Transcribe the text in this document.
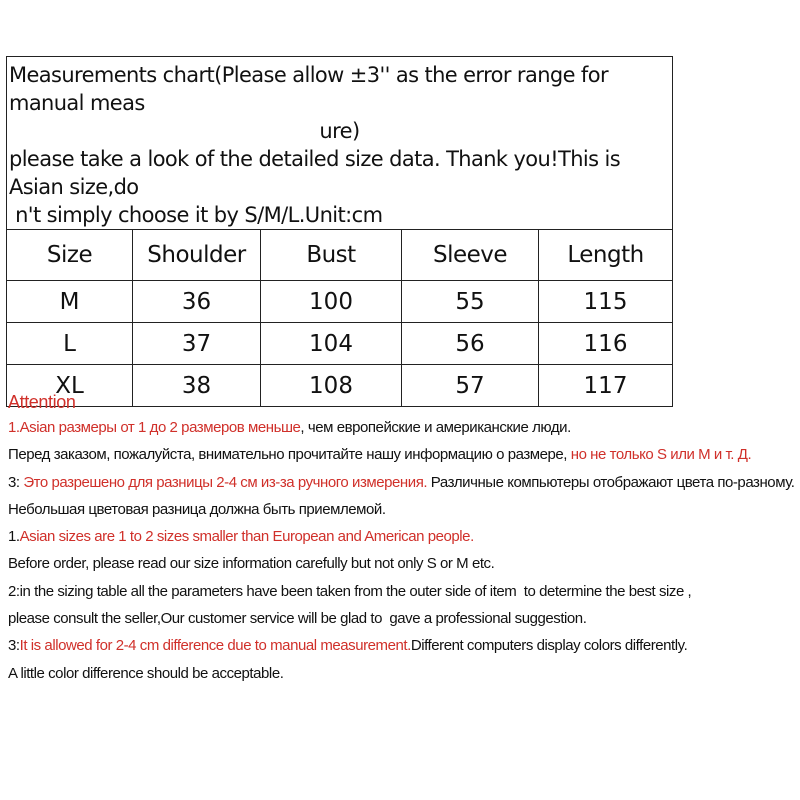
Measurements chart(Please allow ±3'' as the error range for manual meas
ure)
please take a look of the detailed size data. Thank you!This is Asian size,do
n't simply choose it by S/M/L.Unit:cm				

Size	Shoulder	Bust	Sleeve	Length
M	36	100	55	115
L	37	104	56	116
XL	38	108	57	117
Attention
1.Asian размеры от 1 до 2 размеров меньше, чем европейские и американские люди.
Перед заказом, пожалуйста, внимательно прочитайте нашу информацию о размере, но не только S или M и т. Д.
3: Это разрешено для разницы 2-4 см из-за ручного измерения. Различные компьютеры отображают цвета по-разному.
Небольшая цветовая разница должна быть приемлемой.
1.Asian sizes are 1 to 2 sizes smaller than European and American people.
Before order, please read our size information carefully but not only S or M etc.
2:in the sizing table all the parameters have been taken from the outer side of item  to determine the best size ,
please consult the seller,Our customer service will be glad to  gave a professional suggestion.
3:It is allowed for 2-4 cm difference due to manual measurement.Different computers display colors differently.
A little color difference should be acceptable.
